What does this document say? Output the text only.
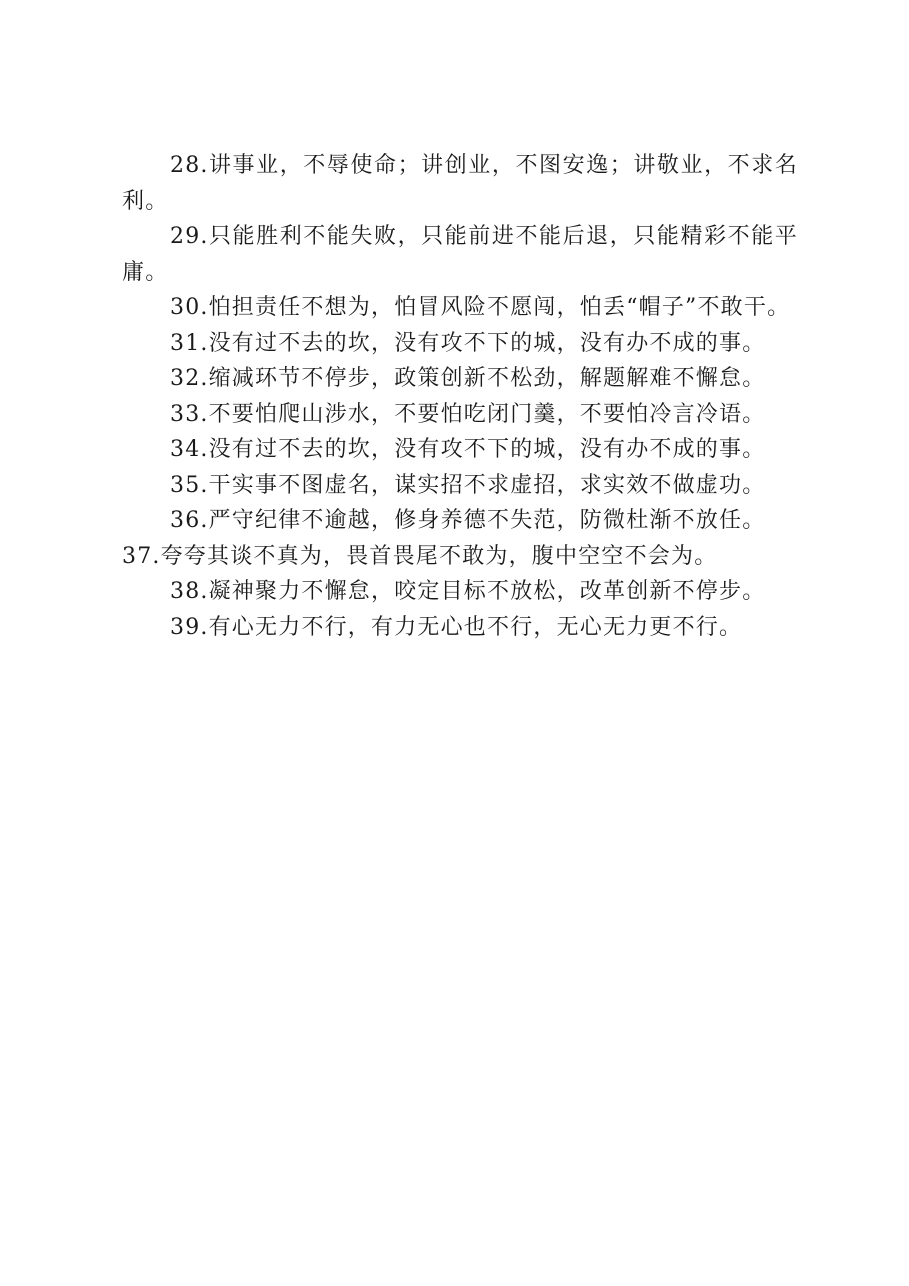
28.讲事业，不辱使命；讲创业，不图安逸；讲敬业，不求名利。

29.只能胜利不能失败，只能前进不能后退，只能精彩不能平庸。

30.怕担责任不想为，怕冒风险不愿闯，怕丢“帽子”不敢干。

31.没有过不去的坎，没有攻不下的城，没有办不成的事。

32.缩减环节不停步，政策创新不松劲，解题解难不懈怠。

33.不要怕爬山涉水，不要怕吃闭门羹，不要怕冷言冷语。

34.没有过不去的坎，没有攻不下的城，没有办不成的事。

35.干实事不图虚名，谋实招不求虚招，求实效不做虚功。

36.严守纪律不逾越，修身养德不失范，防微杜渐不放任。

37.夸夸其谈不真为，畏首畏尾不敢为，腹中空空不会为。

38.凝神聚力不懈怠，咬定目标不放松，改革创新不停步。

39.有心无力不行，有力无心也不行，无心无力更不行。
